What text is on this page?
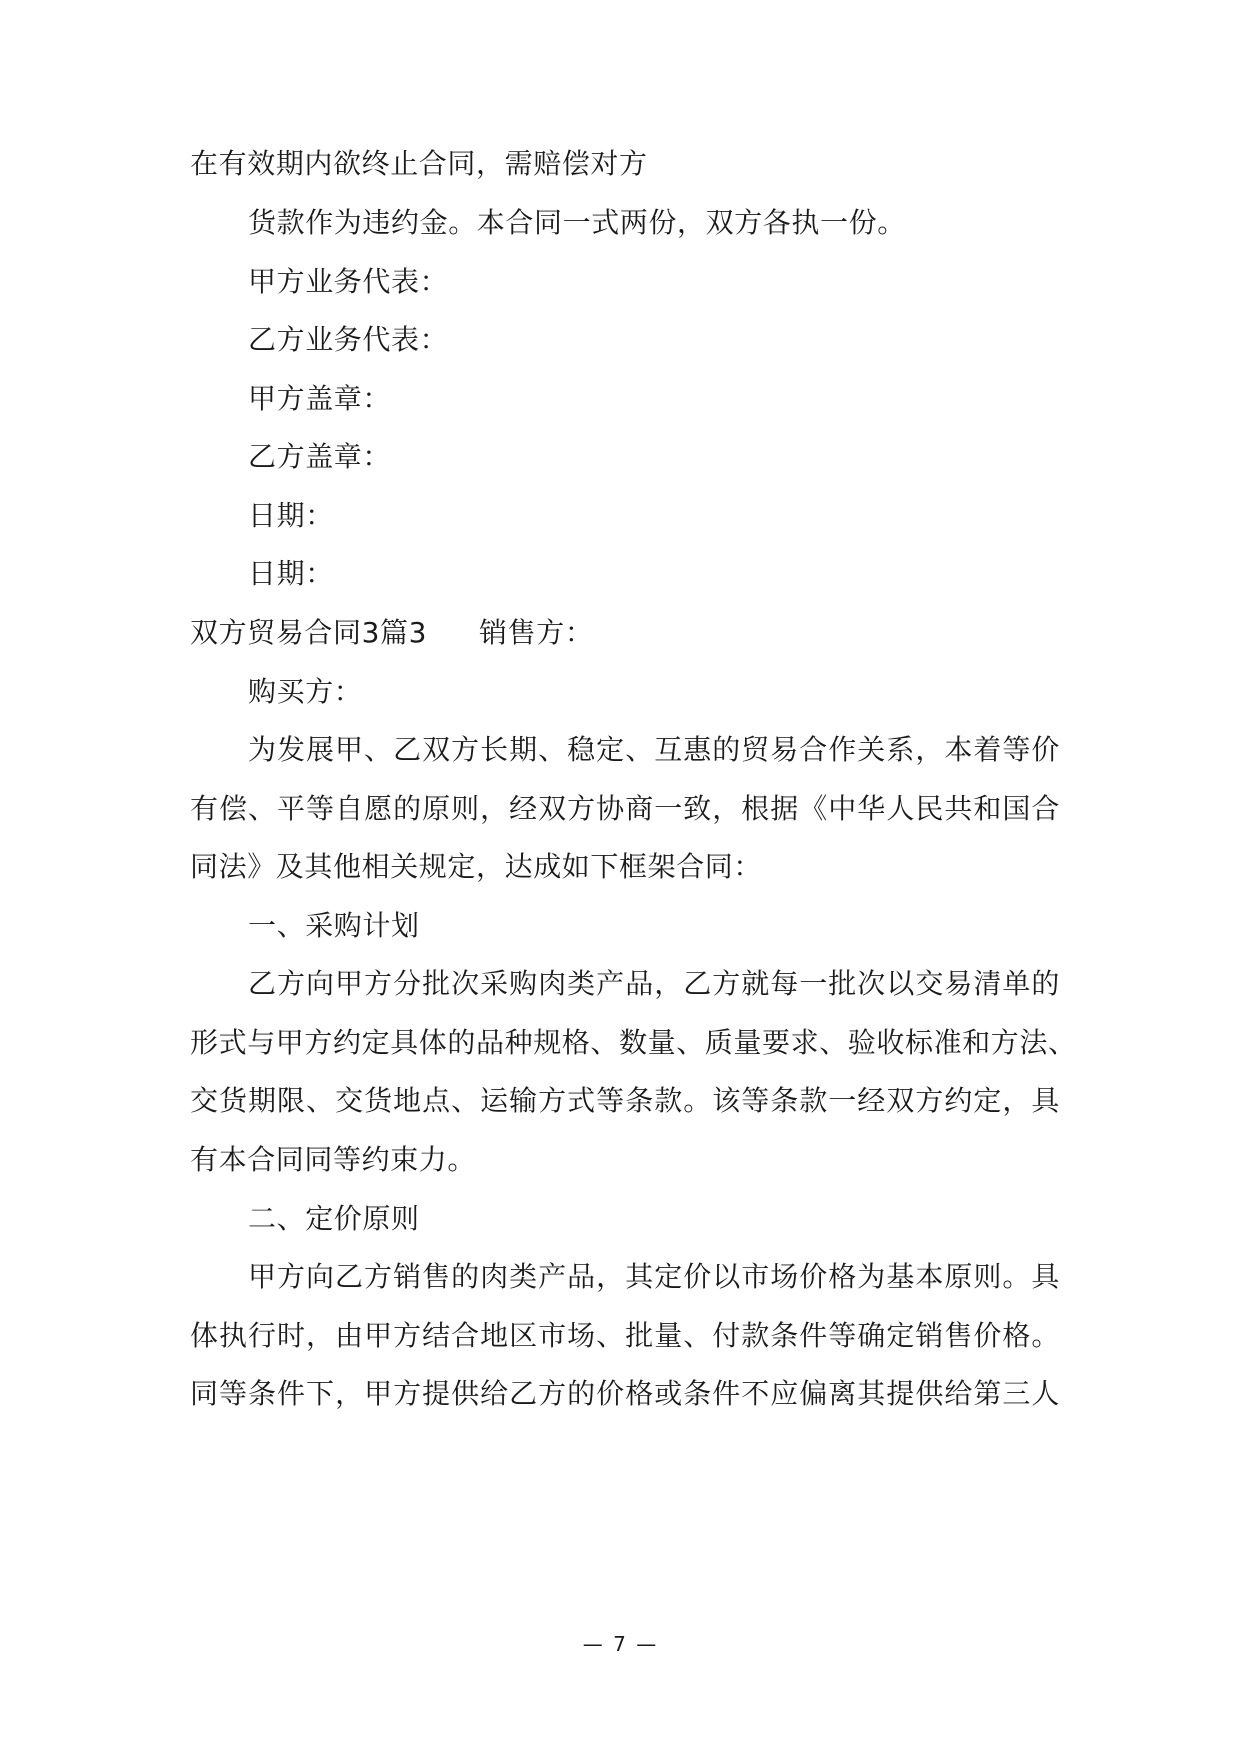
在有效期内欲终止合同，需赔偿对方
货款作为违约金。本合同一式两份，双方各执一份。
甲方业务代表：
乙方业务代表：
甲方盖章：
乙方盖章：
日期：
日期：
双方贸易合同3篇3 销售方：
购买方：
为发展甲、乙双方长期、稳定、互惠的贸易合作关系，本着等价
有偿、平等自愿的原则，经双方协商一致，根据《中华人民共和国合
同法》及其他相关规定，达成如下框架合同：
一、采购计划
乙方向甲方分批次采购肉类产品，乙方就每一批次以交易清单的
形式与甲方约定具体的品种规格、数量、质量要求、验收标准和方法、
交货期限、交货地点、运输方式等条款。该等条款一经双方约定，具
有本合同同等约束力。
二、定价原则
甲方向乙方销售的肉类产品，其定价以市场价格为基本原则。具
体执行时，由甲方结合地区市场、批量、付款条件等确定销售价格。
同等条件下，甲方提供给乙方的价格或条件不应偏离其提供给第三人
— 7 —
